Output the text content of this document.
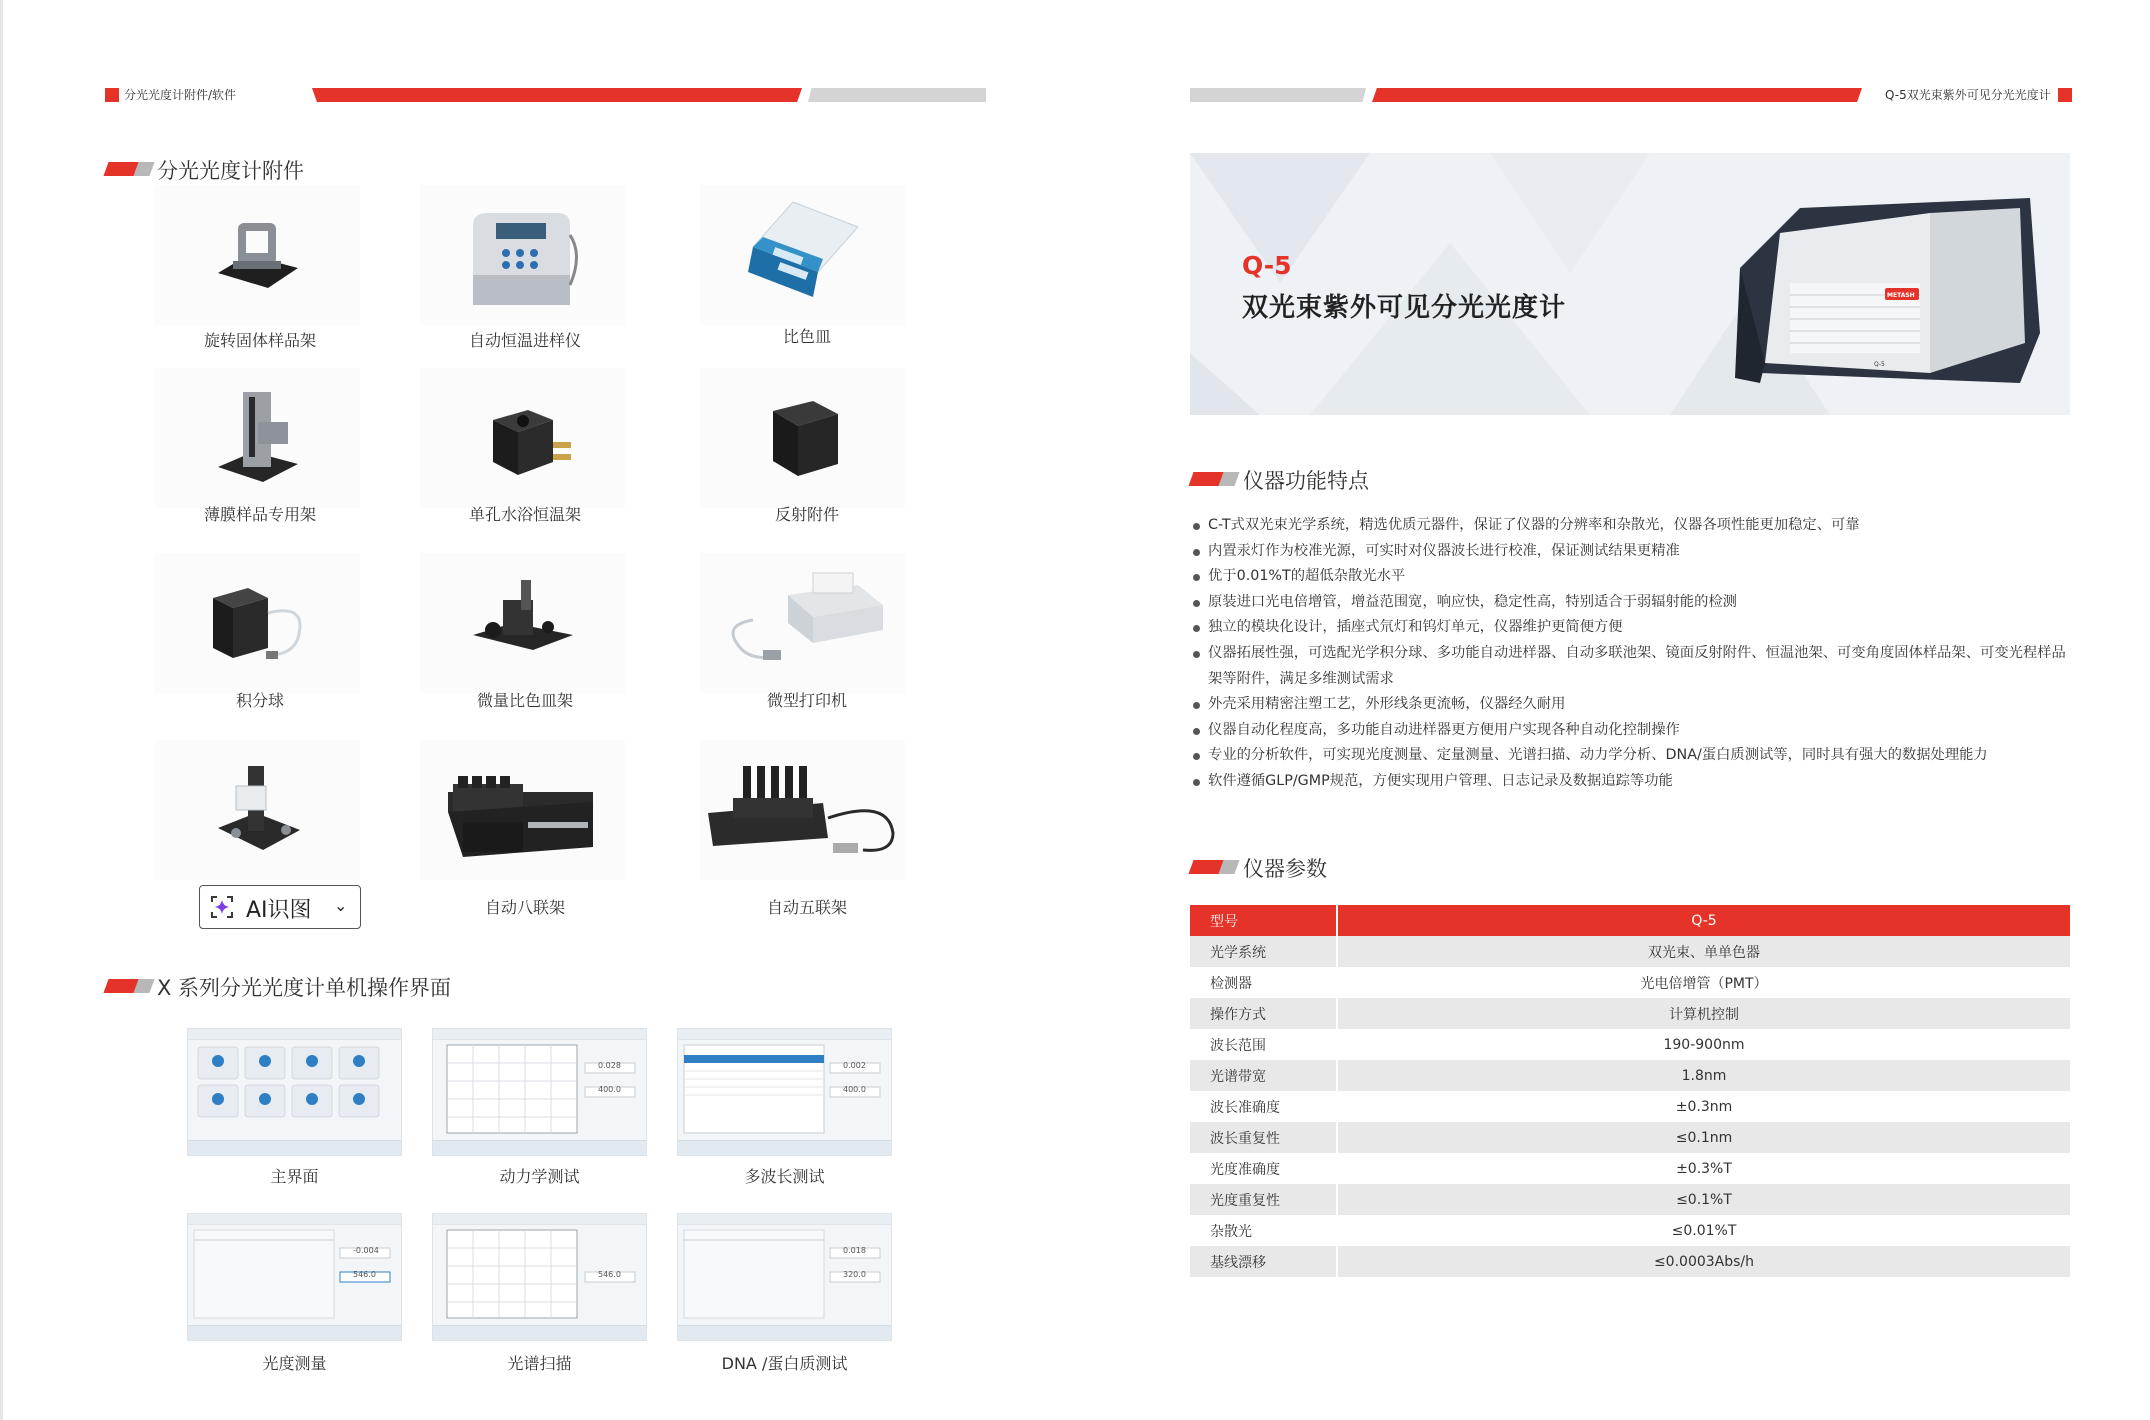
分光光度计附件/软件	Q-5双光束紫外可见分光光度计
分光光度计附件
旋转固体样品架	自动恒温进样仪	比色皿
薄膜样品专用架	单孔水浴恒温架	反射附件
积分球	微量比色皿架	微型打印机
自动八联架	自动五联架
AI识图 ⌄
X 系列分光光度计单机操作界面
主界面
0.028
400.0
动力学测试
0.002
400.0
多波长测试
-0.004
546.0
光度测量
546.0
光谱扫描
0.018
320.0
DNA /蛋白质测试
METASH
Q-5
Q-5
双光束紫外可见分光光度计
仪器功能特点
C-T式双光束光学系统，精选优质元器件，保证了仪器的分辨率和杂散光，仪器各项性能更加稳定、可靠
内置汞灯作为校准光源，可实时对仪器波长进行校准，保证测试结果更精准
优于0.01%T的超低杂散光水平
原装进口光电倍增管，增益范围宽，响应快，稳定性高，特别适合于弱辐射能的检测
独立的模块化设计，插座式氘灯和钨灯单元，仪器维护更简便方便
仪器拓展性强，可选配光学积分球、多功能自动进样器、自动多联池架、镜面反射附件、恒温池架、可变角度固体样品架、可变光程样品架等附件，满足多维测试需求
外壳采用精密注塑工艺，外形线条更流畅，仪器经久耐用
仪器自动化程度高，多功能自动进样器更方便用户实现各种自动化控制操作
专业的分析软件，可实现光度测量、定量测量、光谱扫描、动力学分析、DNA/蛋白质测试等，同时具有强大的数据处理能力
软件遵循GLP/GMP规范，方便实现用户管理、日志记录及数据追踪等功能
仪器参数
型号	Q-5
光学系统	双光束、单单色器
检测器	光电倍增管（PMT）
操作方式	计算机控制
波长范围	190-900nm
光谱带宽	1.8nm
波长准确度	±0.3nm
波长重复性	≤0.1nm
光度准确度	±0.3%T
光度重复性	≤0.1%T
杂散光	≤0.01%T
基线漂移	≤0.0003Abs/h
